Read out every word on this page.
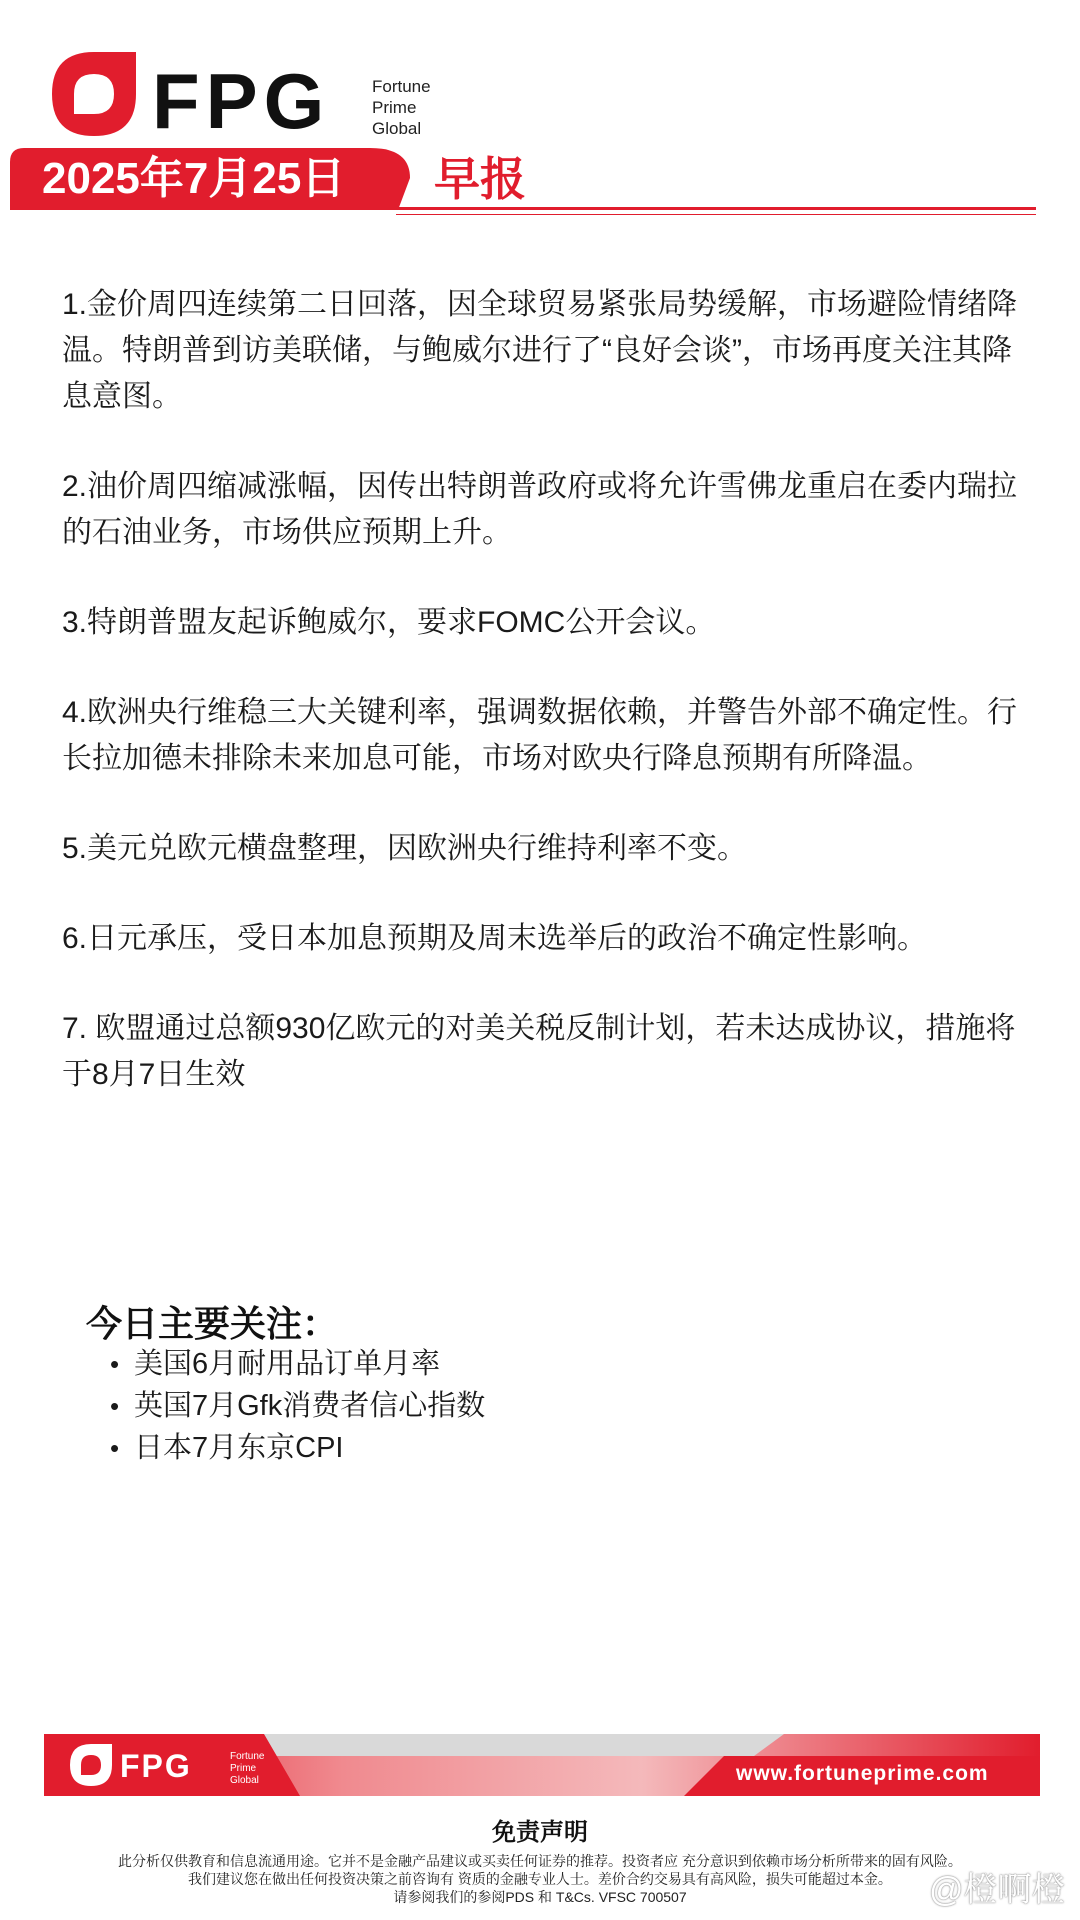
FPG Fortune
Prime
Global
2025年7月25日 早报

1.金价周四连续第二日回落，因全球贸易紧张局势缓解，市场避险情绪降温。特朗普到访美联储，与鲍威尔进行了“良好会谈”，市场再度关注其降息意图。

2.油价周四缩减涨幅，因传出特朗普政府或将允许雪佛龙重启在委内瑞拉的石油业务，市场供应预期上升。

3.特朗普盟友起诉鲍威尔，要求FOMC公开会议。

4.欧洲央行维稳三大关键利率，强调数据依赖，并警告外部不确定性。行长拉加德未排除未来加息可能，市场对欧央行降息预期有所降温。

5.美元兑欧元横盘整理，因欧洲央行维持利率不变。

6.日元承压，受日本加息预期及周末选举后的政治不确定性影响。

7. 欧盟通过总额930亿欧元的对美关税反制计划，若未达成协议，措施将于8月7日生效

今日主要关注：
• 美国6月耐用品订单月率
• 英国7月Gfk消费者信心指数
• 日本7月东京CPI
FPG	Fortune
Prime
Global	www.fortuneprime.com
免责声明
此分析仅供教育和信息流通用途。它并不是金融产品建议或买卖任何证券的推荐。投资者应 充分意识到依赖市场分析所带来的固有风险。
我们建议您在做出任何投资决策之前咨询有 资质的金融专业人士。差价合约交易具有高风险，损失可能超过本金。
请参阅我们的参阅PDS 和 T&Cs. VFSC 700507	@橙啊橙
